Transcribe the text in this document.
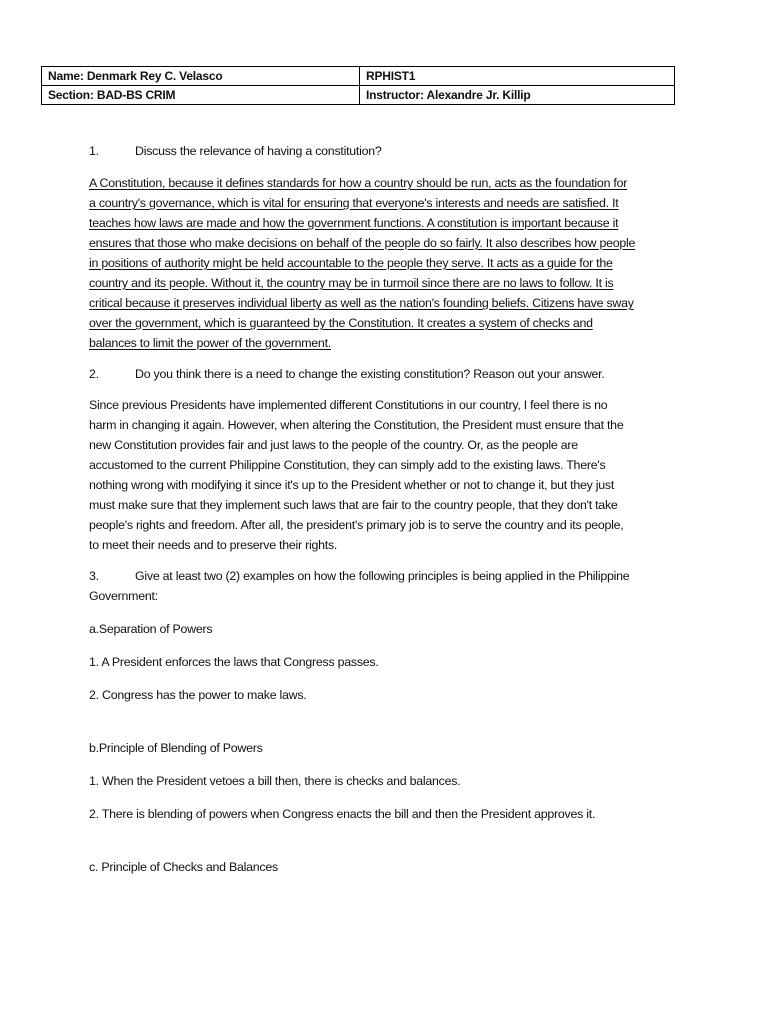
Name: Denmark Rey C. Velasco	RPHIST1
Section: BAD-BS CRIM	Instructor: Alexandre Jr. Killip
1.	Discuss the relevance of having a constitution?

A Constitution, because it defines standards for how a country should be run, acts as the foundation for

a country's governance, which is vital for ensuring that everyone's interests and needs are satisfied. It

teaches how laws are made and how the government functions. A constitution is important because it

ensures that those who make decisions on behalf of the people do so fairly. It also describes how people

in positions of authority might be held accountable to the people they serve. It acts as a guide for the

country and its people. Without it, the country may be in turmoil since there are no laws to follow. It is

critical because it preserves individual liberty as well as the nation's founding beliefs. Citizens have sway

over the government, which is guaranteed by the Constitution. It creates a system of checks and

balances to limit the power of the government.

2.	Do you think there is a need to change the existing constitution? Reason out your answer.

Since previous Presidents have implemented different Constitutions in our country, I feel there is no

harm in changing it again. However, when altering the Constitution, the President must ensure that the

new Constitution provides fair and just laws to the people of the country. Or, as the people are

accustomed to the current Philippine Constitution, they can simply add to the existing laws. There's

nothing wrong with modifying it since it's up to the President whether or not to change it, but they just

must make sure that they implement such laws that are fair to the country people, that they don't take

people's rights and freedom. After all, the president's primary job is to serve the country and its people,

to meet their needs and to preserve their rights.

3.	Give at least two (2) examples on how the following principles is being applied in the Philippine

Government:

a.Separation of Powers

1. A President enforces the laws that Congress passes.

2. Congress has the power to make laws.

b.Principle of Blending of Powers

1. When the President vetoes a bill then, there is checks and balances.

2. There is blending of powers when Congress enacts the bill and then the President approves it.

c. Principle of Checks and Balances
